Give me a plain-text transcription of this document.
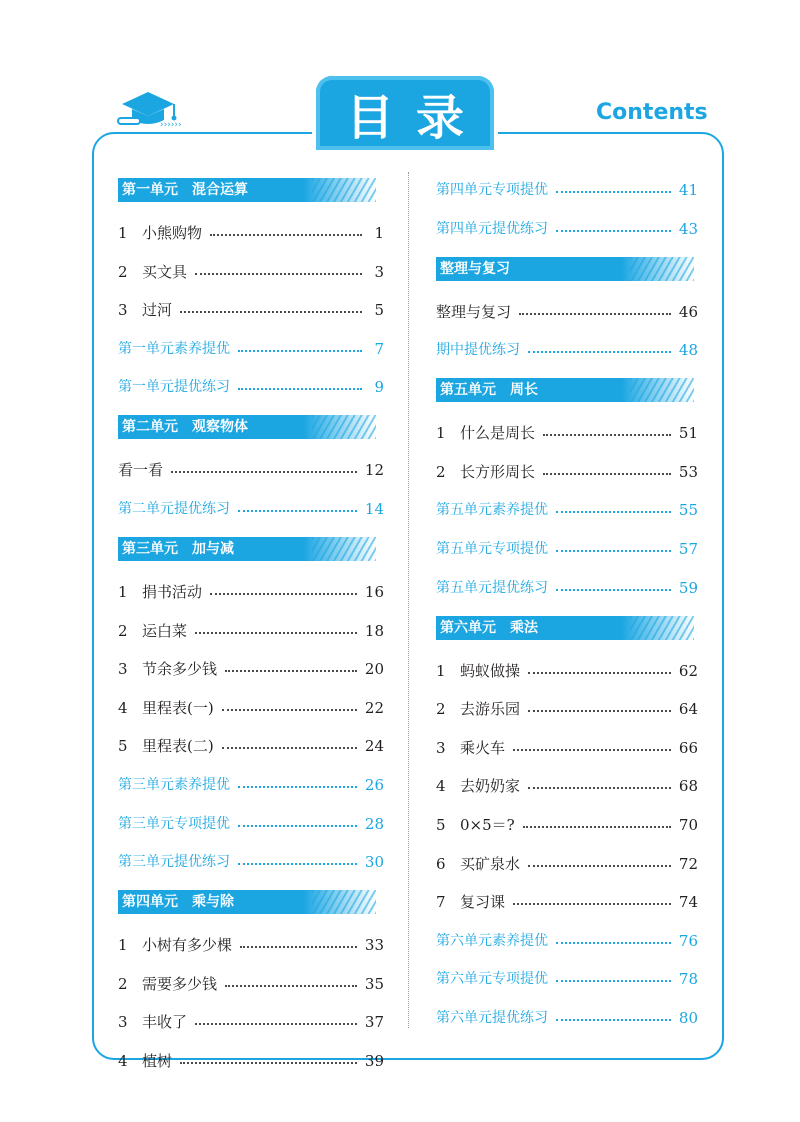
››››››	目录	Contents
第一单元　混合运算
1 小熊购物	1
2 买文具	3
3 过河	5
第一单元素养提优	7
第一单元提优练习	9
第二单元　观察物体
看一看	12
第二单元提优练习	14
第三单元　加与减
1 捐书活动	16
2 运白菜	18
3 节余多少钱	20
4 里程表(一)	22
5 里程表(二)	24
第三单元素养提优	26
第三单元专项提优	28
第三单元提优练习	30
第四单元　乘与除
1 小树有多少棵	33
2 需要多少钱	35
3 丰收了	37
4 植树	39
第四单元专项提优	41
第四单元提优练习	43
整理与复习
整理与复习	46
期中提优练习	48
第五单元　周长
1 什么是周长	51
2 长方形周长	53
第五单元素养提优	55
第五单元专项提优	57
第五单元提优练习	59
第六单元　乘法
1 蚂蚁做操	62
2 去游乐园	64
3 乘火车	66
4 去奶奶家	68
5 0×5＝?	70
6 买矿泉水	72
7 复习课	74
第六单元素养提优	76
第六单元专项提优	78
第六单元提优练习	80
